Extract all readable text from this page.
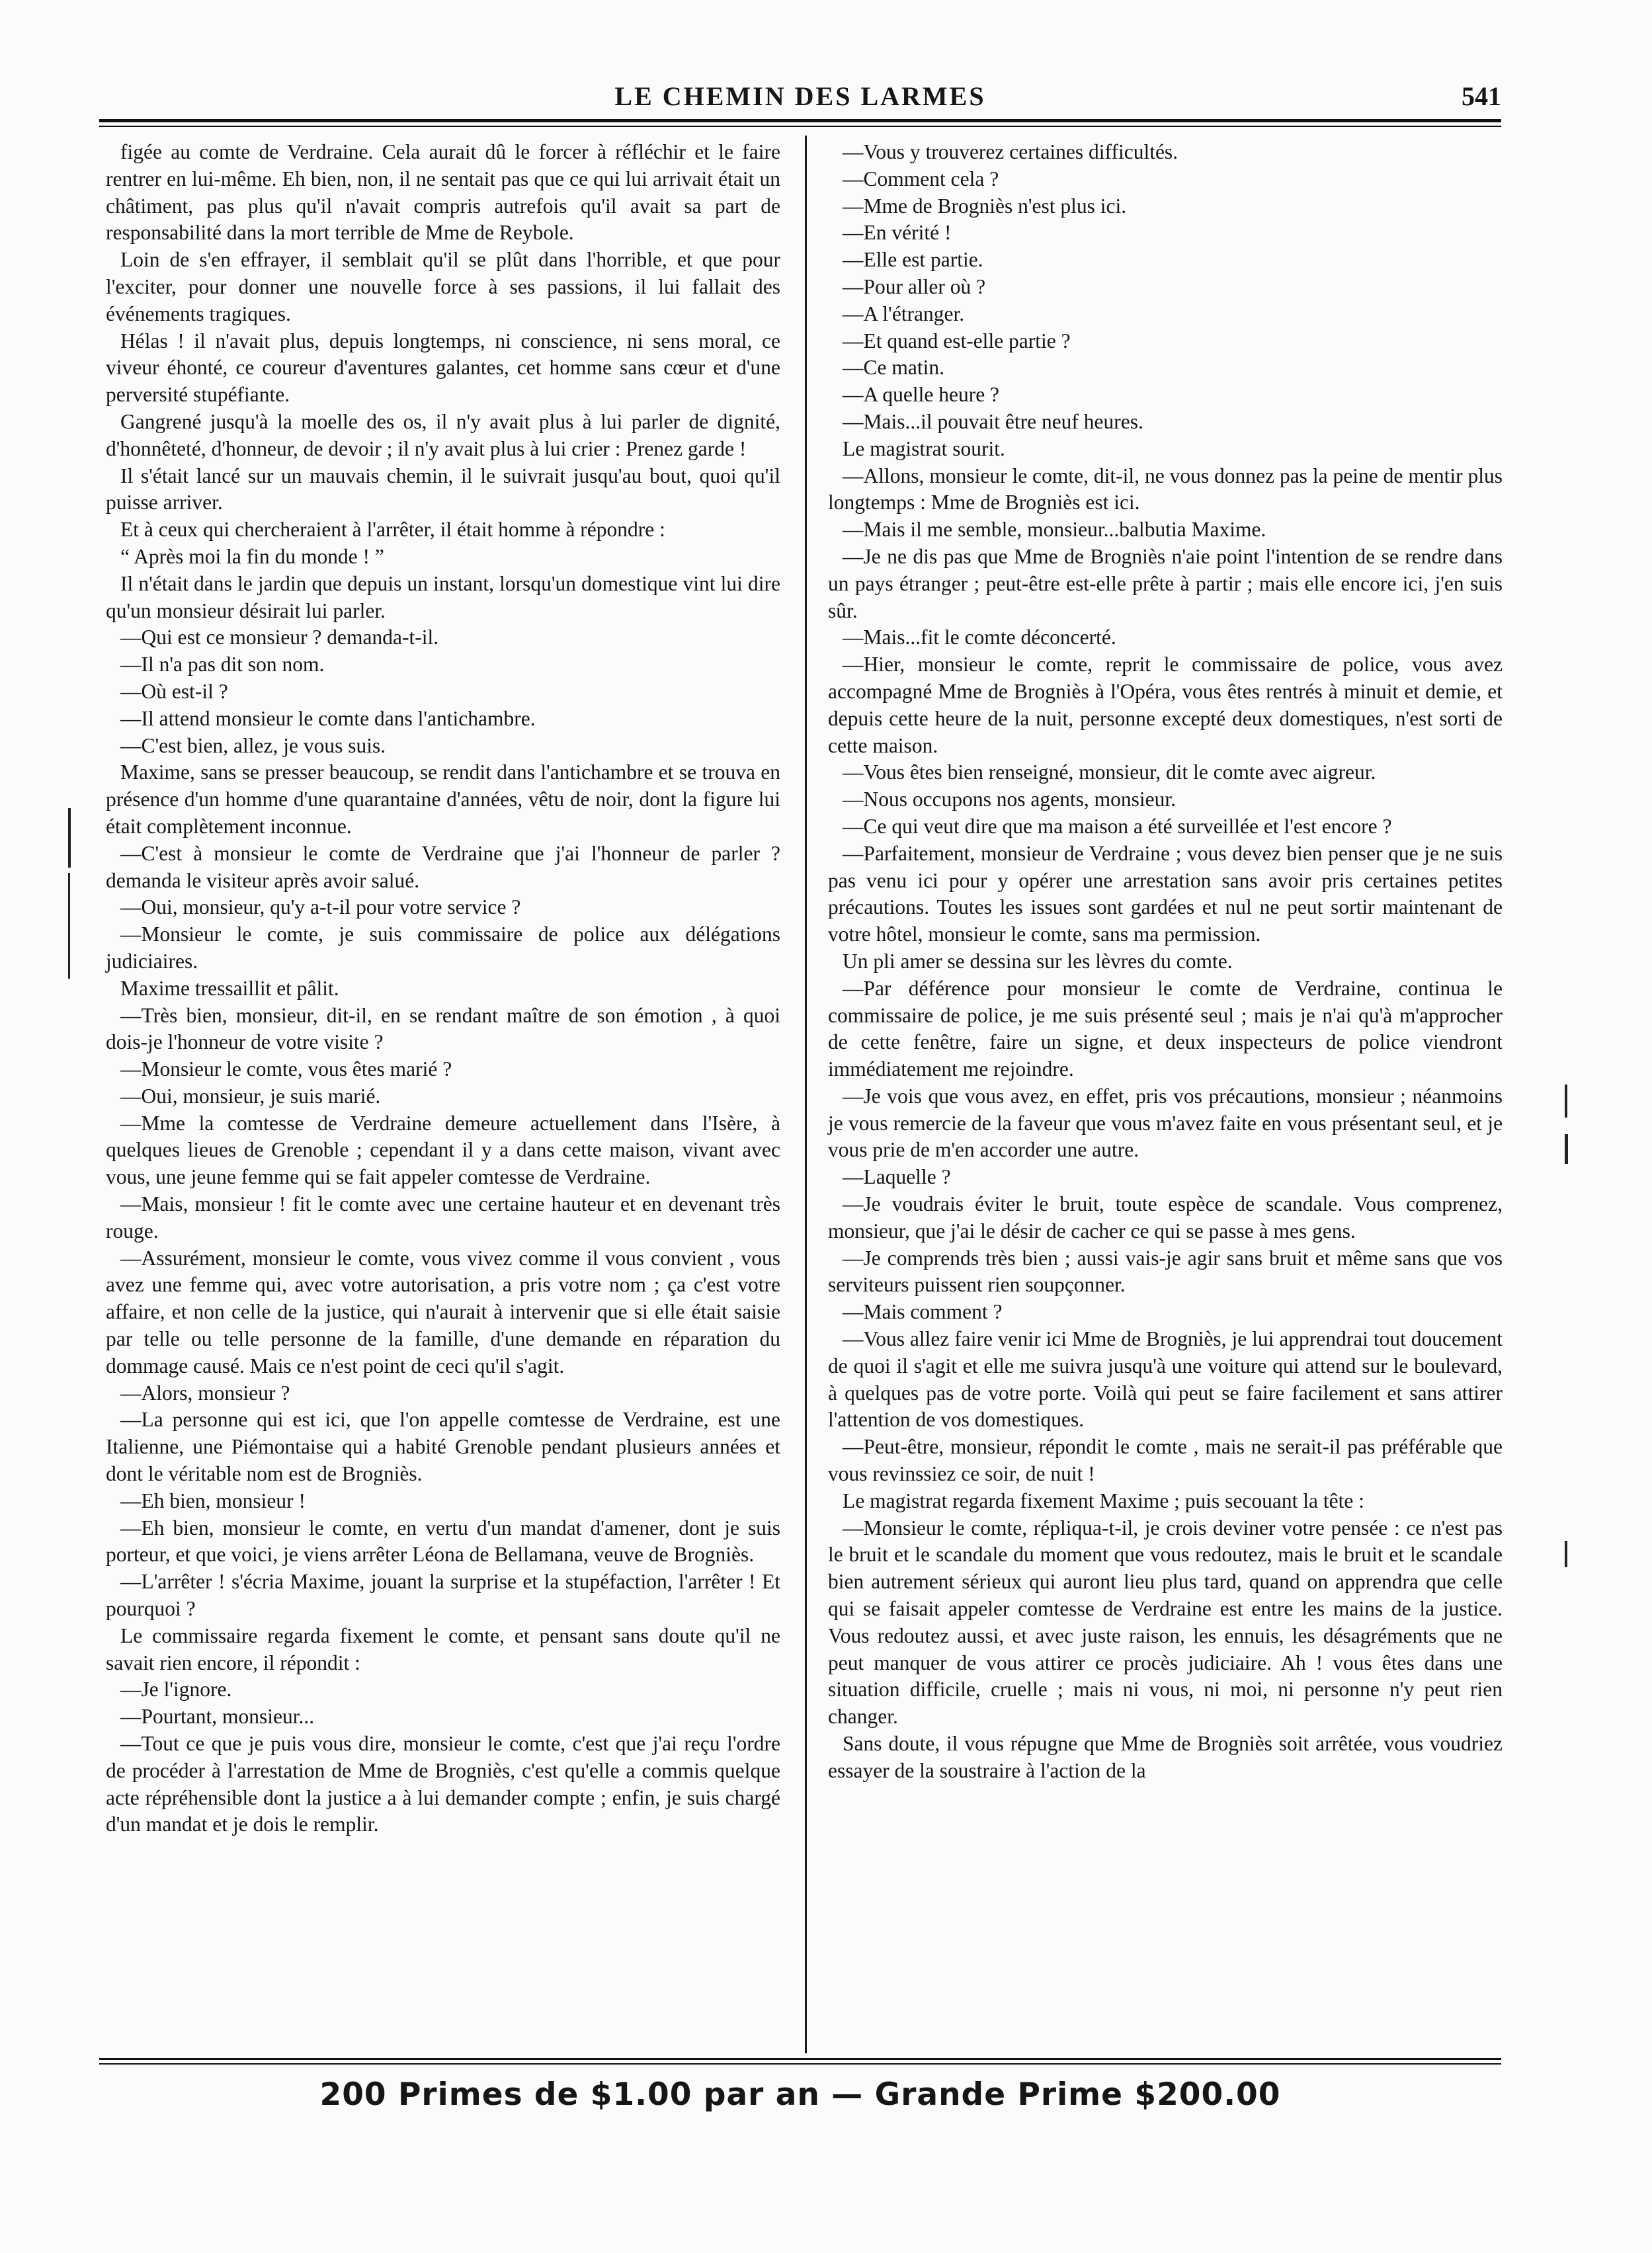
LE CHEMIN DES LARMES	541

figée au comte de Verdraine. Cela aurait dû le forcer à réfléchir et le faire rentrer en lui-même. Eh bien, non, il ne sentait pas que ce qui lui arrivait était un châtiment, pas plus qu'il n'avait compris autrefois qu'il avait sa part de responsabilité dans la mort terrible de Mme de Reybole.

Loin de s'en effrayer, il semblait qu'il se plût dans l'horrible, et que pour l'exciter, pour donner une nouvelle force à ses passions, il lui fallait des événements tragiques.

Hélas ! il n'avait plus, depuis longtemps, ni conscience, ni sens moral, ce viveur éhonté, ce coureur d'aventures galantes, cet homme sans cœur et d'une perversité stupéfiante.

Gangrené jusqu'à la moelle des os, il n'y avait plus à lui parler de dignité, d'honnêteté, d'honneur, de devoir ; il n'y avait plus à lui crier : Prenez garde !

Il s'était lancé sur un mauvais chemin, il le suivrait jusqu'au bout, quoi qu'il puisse arriver.

Et à ceux qui chercheraient à l'arrêter, il était homme à répondre :

“ Après moi la fin du monde ! ”

Il n'était dans le jardin que depuis un instant, lorsqu'un domestique vint lui dire qu'un monsieur désirait lui parler.

—Qui est ce monsieur ? demanda-t-il.

—Il n'a pas dit son nom.

—Où est-il ?

—Il attend monsieur le comte dans l'antichambre.

—C'est bien, allez, je vous suis.

Maxime, sans se presser beaucoup, se rendit dans l'antichambre et se trouva en présence d'un homme d'une quarantaine d'années, vêtu de noir, dont la figure lui était complètement inconnue.

—C'est à monsieur le comte de Verdraine que j'ai l'honneur de parler ? demanda le visiteur après avoir salué.

—Oui, monsieur, qu'y a-t-il pour votre service ?

—Monsieur le comte, je suis commissaire de police aux délégations judiciaires.

Maxime tressaillit et pâlit.

—Très bien, monsieur, dit-il, en se rendant maître de son émotion , à quoi dois-je l'honneur de votre visite ?

—Monsieur le comte, vous êtes marié ?

—Oui, monsieur, je suis marié.

—Mme la comtesse de Verdraine demeure actuellement dans l'Isère, à quelques lieues de Grenoble ; cependant il y a dans cette maison, vivant avec vous, une jeune femme qui se fait appeler comtesse de Verdraine.

—Mais, monsieur ! fit le comte avec une certaine hauteur et en devenant très rouge.

—Assurément, monsieur le comte, vous vivez comme il vous convient , vous avez une femme qui, avec votre autorisation, a pris votre nom ; ça c'est votre affaire, et non celle de la justice, qui n'aurait à intervenir que si elle était saisie par telle ou telle personne de la famille, d'une demande en réparation du dommage causé. Mais ce n'est point de ceci qu'il s'agit.

—Alors, monsieur ?

—La personne qui est ici, que l'on appelle comtesse de Verdraine, est une Italienne, une Piémontaise qui a habité Grenoble pendant plusieurs années et dont le véritable nom est de Brogniès.

—Eh bien, monsieur !

—Eh bien, monsieur le comte, en vertu d'un mandat d'amener, dont je suis porteur, et que voici, je viens arrêter Léona de Bellamana, veuve de Brogniès.

—L'arrêter ! s'écria Maxime, jouant la surprise et la stupéfaction, l'arrêter ! Et pourquoi ?

Le commissaire regarda fixement le comte, et pensant sans doute qu'il ne savait rien encore, il répondit :

—Je l'ignore.

—Pourtant, monsieur...

—Tout ce que je puis vous dire, monsieur le comte, c'est que j'ai reçu l'ordre de procéder à l'arrestation de Mme de Brogniès, c'est qu'elle a commis quelque acte répréhensible dont la justice a à lui demander compte ; enfin, je suis chargé d'un mandat et je dois le remplir.

—Vous y trouverez certaines difficultés.

—Comment cela ?

—Mme de Brogniès n'est plus ici.

—En vérité !

—Elle est partie.

—Pour aller où ?

—A l'étranger.

—Et quand est-elle partie ?

—Ce matin.

—A quelle heure ?

—Mais...il pouvait être neuf heures.

Le magistrat sourit.

—Allons, monsieur le comte, dit-il, ne vous donnez pas la peine de mentir plus longtemps : Mme de Brogniès est ici.

—Mais il me semble, monsieur...balbutia Maxime.

—Je ne dis pas que Mme de Brogniès n'aie point l'intention de se rendre dans un pays étranger ; peut-être est-elle prête à partir ; mais elle encore ici, j'en suis sûr.

—Mais...fit le comte déconcerté.

—Hier, monsieur le comte, reprit le commissaire de police, vous avez accompagné Mme de Brogniès à l'Opéra, vous êtes rentrés à minuit et demie, et depuis cette heure de la nuit, personne excepté deux domestiques, n'est sorti de cette maison.

—Vous êtes bien renseigné, monsieur, dit le comte avec aigreur.

—Nous occupons nos agents, monsieur.

—Ce qui veut dire que ma maison a été surveillée et l'est encore ?

—Parfaitement, monsieur de Verdraine ; vous devez bien penser que je ne suis pas venu ici pour y opérer une arrestation sans avoir pris certaines petites précautions. Toutes les issues sont gardées et nul ne peut sortir maintenant de votre hôtel, monsieur le comte, sans ma permission.

Un pli amer se dessina sur les lèvres du comte.

—Par déférence pour monsieur le comte de Verdraine, continua le commissaire de police, je me suis présenté seul ; mais je n'ai qu'à m'approcher de cette fenêtre, faire un signe, et deux inspecteurs de police viendront immédiatement me rejoindre.

—Je vois que vous avez, en effet, pris vos précautions, monsieur ; néanmoins je vous remercie de la faveur que vous m'avez faite en vous présentant seul, et je vous prie de m'en accorder une autre.

—Laquelle ?

—Je voudrais éviter le bruit, toute espèce de scandale. Vous comprenez, monsieur, que j'ai le désir de cacher ce qui se passe à mes gens.

—Je comprends très bien ; aussi vais-je agir sans bruit et même sans que vos serviteurs puissent rien soupçonner.

—Mais comment ?

—Vous allez faire venir ici Mme de Brogniès, je lui apprendrai tout doucement de quoi il s'agit et elle me suivra jusqu'à une voiture qui attend sur le boulevard, à quelques pas de votre porte. Voilà qui peut se faire facilement et sans attirer l'attention de vos domestiques.

—Peut-être, monsieur, répondit le comte , mais ne serait-il pas préférable que vous revinssiez ce soir, de nuit !

Le magistrat regarda fixement Maxime ; puis secouant la tête :

—Monsieur le comte, répliqua-t-il, je crois deviner votre pensée : ce n'est pas le bruit et le scandale du moment que vous redoutez, mais le bruit et le scandale bien autrement sérieux qui auront lieu plus tard, quand on apprendra que celle qui se faisait appeler comtesse de Verdraine est entre les mains de la justice. Vous redoutez aussi, et avec juste raison, les ennuis, les désagréments que ne peut manquer de vous attirer ce procès judiciaire. Ah ! vous êtes dans une situation difficile, cruelle ; mais ni vous, ni moi, ni personne n'y peut rien changer.

Sans doute, il vous répugne que Mme de Brogniès soit arrêtée, vous voudriez essayer de la soustraire à l'action de la

200 Primes de $1.00 par an — Grande Prime $200.00
